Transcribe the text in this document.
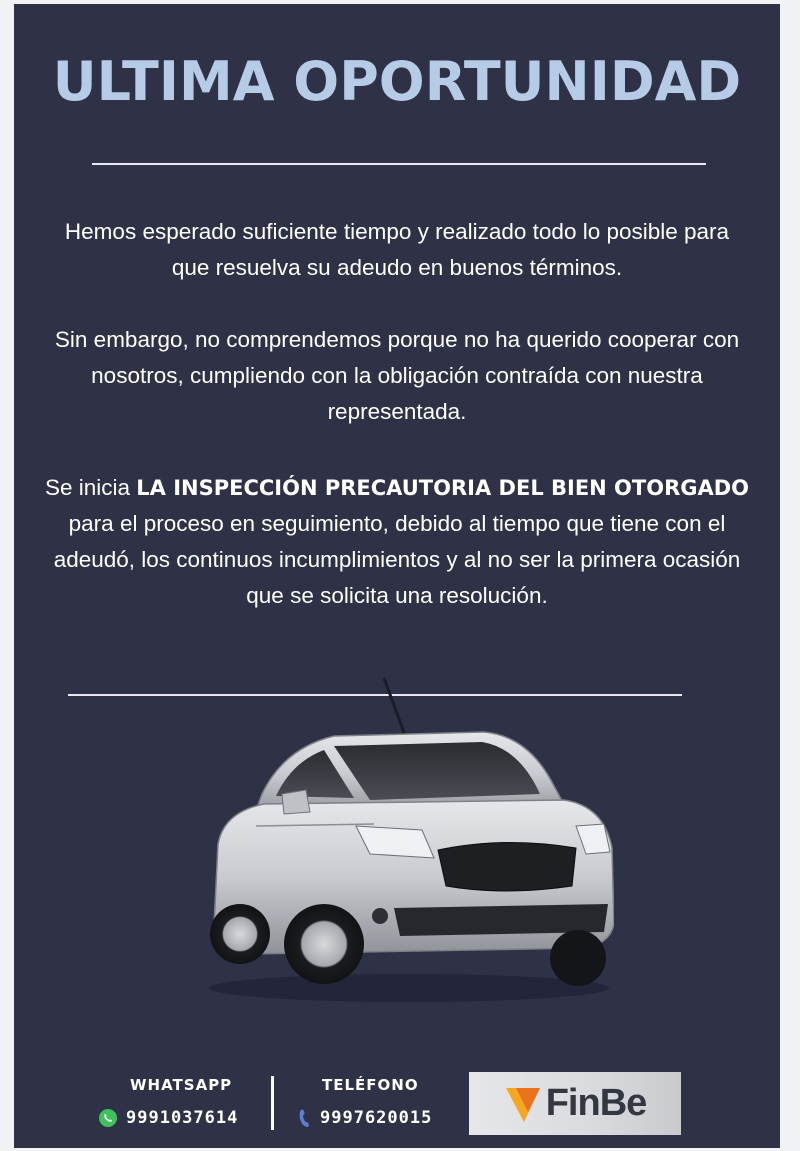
ULTIMA OPORTUNIDAD
Hemos esperado suficiente tiempo y realizado todo lo posible para que resuelva su adeudo en buenos términos.
Sin embargo, no comprendemos porque no ha querido cooperar con nosotros, cumpliendo con la obligación contraída con nuestra representada.
Se inicia LA INSPECCIÓN PRECAUTORIA DEL BIEN OTORGADO para el proceso en seguimiento, debido al tiempo que tiene con el adeudó, los continuos incumplimientos y al no ser la primera ocasión que se solicita una resolución.
WHATSAPP
9991037614
TELÉFONO
9997620015	FinBe
